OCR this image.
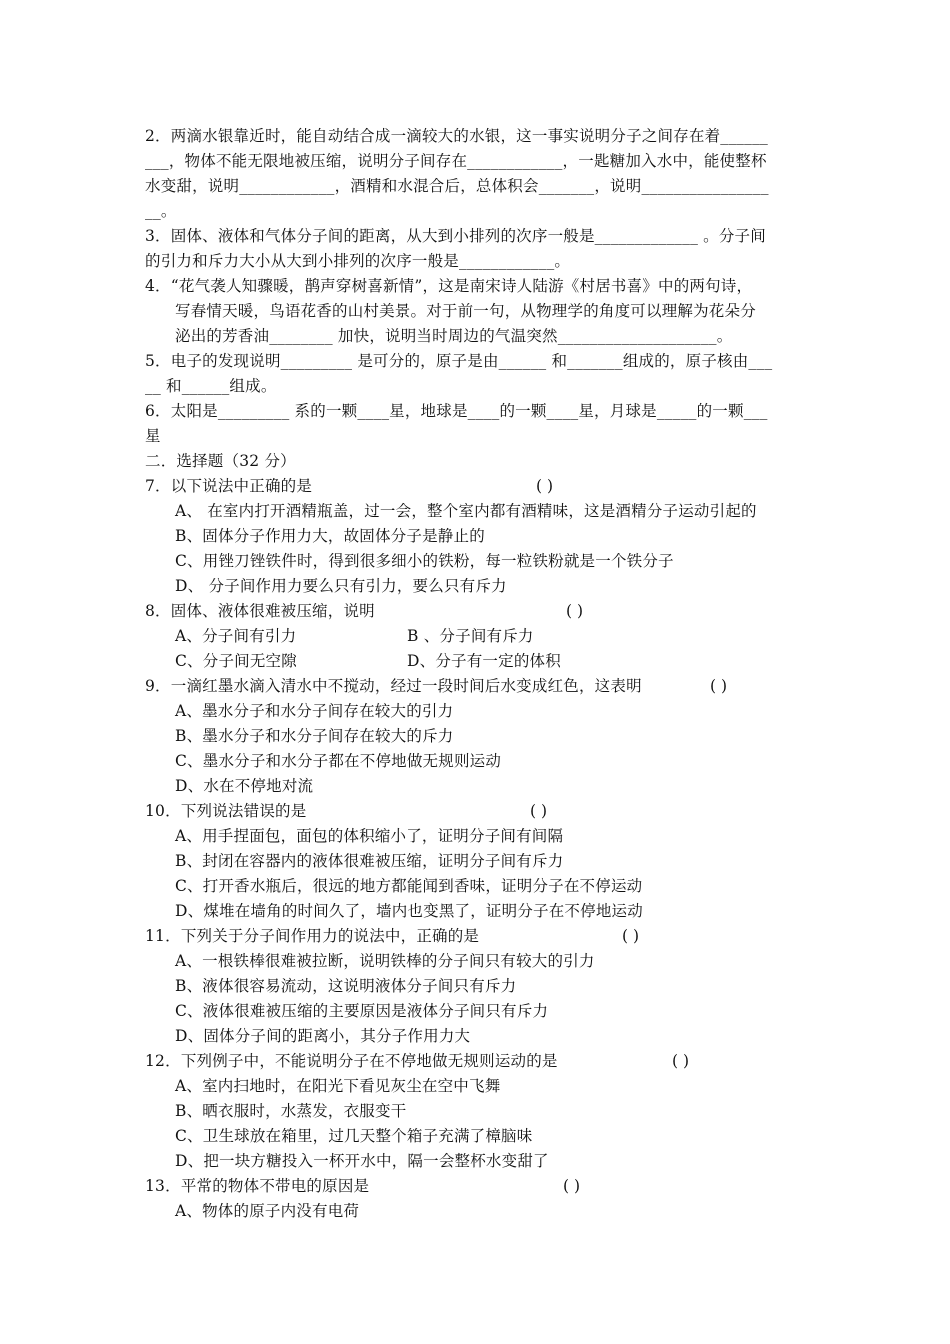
2．两滴水银靠近时，能自动结合成一滴较大的水银，这一事实说明分子之间存在着______
___，物体不能无限地被压缩，说明分子间存在____________，一匙糖加入水中，能使整杯
水变甜，说明____________，酒精和水混合后，总体积会_______，说明________________
__。
3．固体、液体和气体分子间的距离，从大到小排列的次序一般是_____________ 。分子间
的引力和斥力大小从大到小排列的次序一般是____________。
4．“花气袭人知骤暖，鹊声穿树喜新情”，这是南宋诗人陆游《村居书喜》中的两句诗，
写春情天暖，鸟语花香的山村美景。对于前一句，从物理学的角度可以理解为花朵分
泌出的芳香油________ 加快，说明当时周边的气温突然____________________。
5．电子的发现说明_________ 是可分的，原子是由______ 和_______组成的，原子核由___
__ 和______组成。
6．太阳是_________ 系的一颗____星，地球是____的一颗____星，月球是_____的一颗___
星
二．选择题（32 分）
7．以下说法中正确的是	( )
A、 在室内打开酒精瓶盖，过一会，整个室内都有酒精味，这是酒精分子运动引起的
B、固体分子作用力大，故固体分子是静止的
C、用锉刀锉铁件时，得到很多细小的铁粉，每一粒铁粉就是一个铁分子
D、 分子间作用力要么只有引力，要么只有斥力
8．固体、液体很难被压缩，说明	( )
A、分子间有引力	B 、分子间有斥力
C、分子间无空隙	D、分子有一定的体积
9．一滴红墨水滴入清水中不搅动，经过一段时间后水变成红色，这表明	( )
A、墨水分子和水分子间存在较大的引力
B、墨水分子和水分子间存在较大的斥力
C、墨水分子和水分子都在不停地做无规则运动
D、水在不停地对流
10．下列说法错误的是	( )
A、用手捏面包，面包的体积缩小了，证明分子间有间隔
B、封闭在容器内的液体很难被压缩，证明分子间有斥力
C、打开香水瓶后，很远的地方都能闻到香味，证明分子在不停运动
D、煤堆在墙角的时间久了，墙内也变黑了，证明分子在不停地运动
11．下列关于分子间作用力的说法中，正确的是	( )
A、一根铁棒很难被拉断，说明铁棒的分子间只有较大的引力
B、液体很容易流动，这说明液体分子间只有斥力
C、液体很难被压缩的主要原因是液体分子间只有斥力
D、固体分子间的距离小，其分子作用力大
12．下列例子中，不能说明分子在不停地做无规则运动的是	( )
A、室内扫地时，在阳光下看见灰尘在空中飞舞
B、晒衣服时，水蒸发，衣服变干
C、卫生球放在箱里，过几天整个箱子充满了樟脑味
D、把一块方糖投入一杯开水中，隔一会整杯水变甜了
13．平常的物体不带电的原因是	( )
A、物体的原子内没有电荷
